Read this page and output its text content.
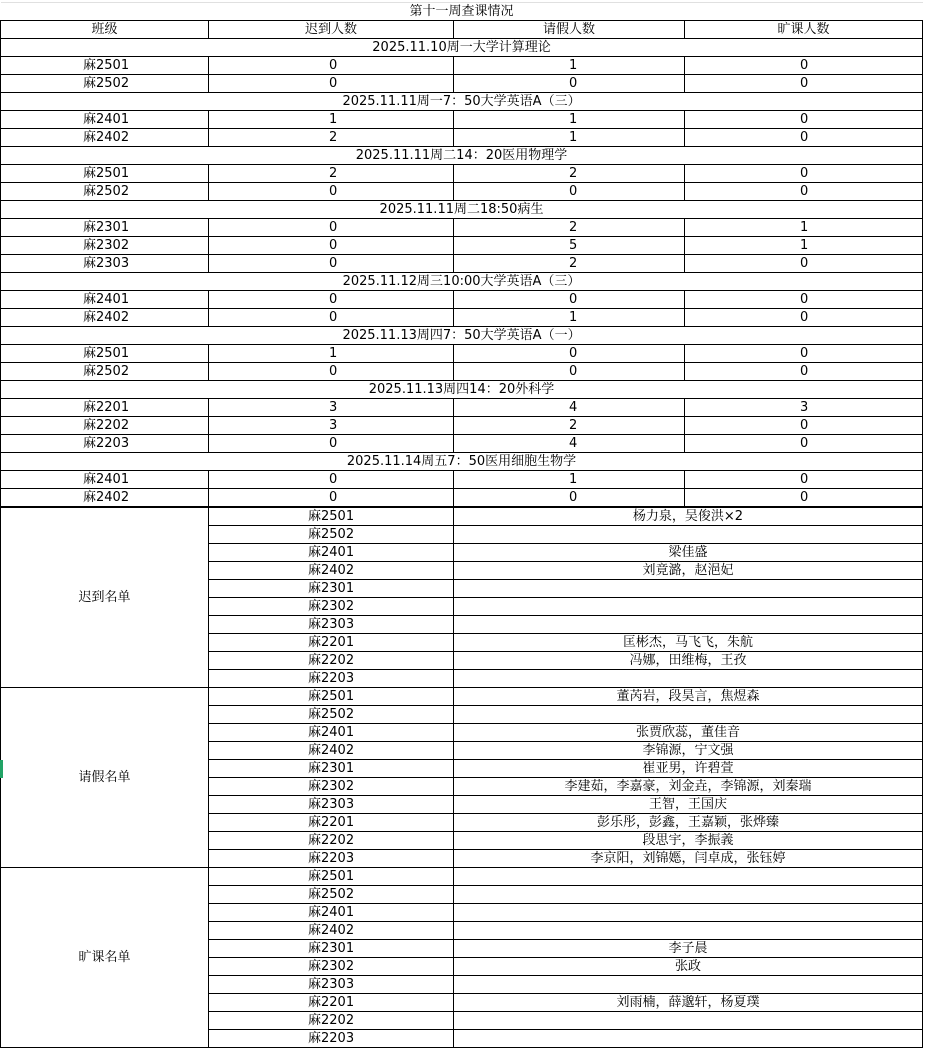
第十一周查课情况			
班级	迟到人数	请假人数	旷课人数
2025.11.10周一大学计算理论			
麻2501	0	1	0
麻2502	0	0	0
2025.11.11周一7：50大学英语A（三）			
麻2401	1	1	0
麻2402	2	1	0
2025.11.11周二14：20医用物理学			
麻2501	2	2	0
麻2502	0	0	0
2025.11.11周二18:50病生			
麻2301	0	2	1
麻2302	0	5	1
麻2303	0	2	0
2025.11.12周三10:00大学英语A（三）			
麻2401	0	0	0
麻2402	0	1	0
2025.11.13周四7：50大学英语A（一）			
麻2501	1	0	0
麻2502	0	0	0
2025.11.13周四14：20外科学			
麻2201	3	4	3
麻2202	3	2	0
麻2203	0	4	0
2025.11.14周五7：50医用细胞生物学			
麻2401	0	1	0
麻2402	0	0	0
迟到名单	麻2501	杨力泉，吴俊洪×2
	麻2502	
	麻2401	梁佳盛
	麻2402	刘竟潞，赵浥妃
	麻2301	
	麻2302	
	麻2303	
	麻2201	匡彬杰，马飞飞，朱航
	麻2202	冯娜，田维梅，王孜
	麻2203	
请假名单	麻2501	董芮岩，段昊言，焦煜森
	麻2502	
	麻2401	张贾欣蕊，董佳音
	麻2402	李锦源，宁文强
	麻2301	崔亚男，许碧萱
	麻2302	李建茹，李嘉豪，刘金垚，李锦源，刘秦瑞
	麻2303	王智，王国庆
	麻2201	彭乐彤，彭鑫，王嘉颖，张烨臻
	麻2202	段思宇，李振義
	麻2203	李京阳，刘锦嫕，闫卓成，张钰婷
旷课名单	麻2501	
	麻2502	
	麻2401	
	麻2402	
	麻2301	李子晨
	麻2302	张政
	麻2303	
	麻2201	刘雨楠，薛邈轩，杨夏璞
	麻2202	
	麻2203	
